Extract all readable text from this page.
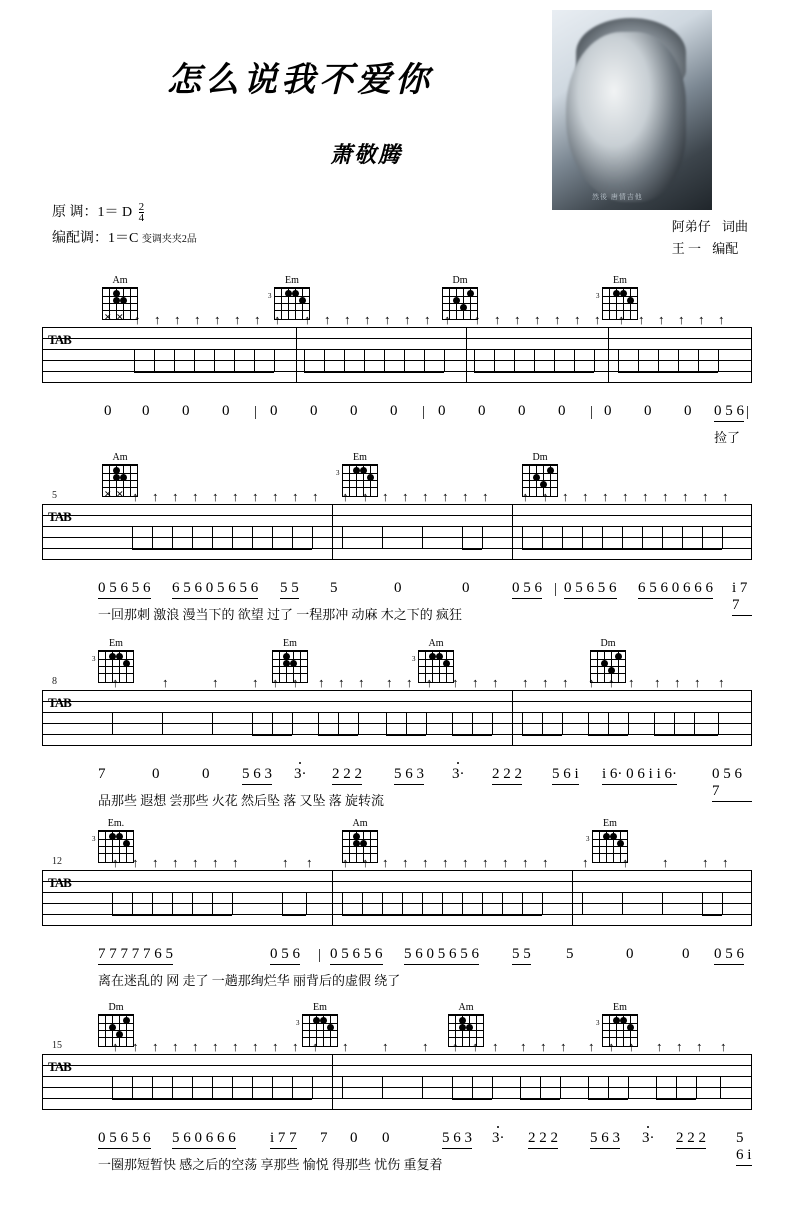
怎么说我不爱你
萧敬腾
然後 唐情吉他
原 调：1＝ D $\frac{2}{4}$
编配调：1＝C 变调夹夹2品
阿弟仔 词曲
王 一 编配
Am	Em
3
Dm	Em
3
TAB
✕ ✕ ↑ ↑ ↑ ↑ ↑ ↑ ↑ ↑ ↑ ↑ ↑ ↑ ↑ ↑ ↑ ↑ ↑ ↑ ↑ ↑ ↑ ↑ ↑ ↑ ↑ ↑ ↑ ↑ ↑
0 0 0 0 | 0 0 0 0 | 0 0 0 0 | 0 0 0 0 5 6 |
捡了
5
Am	Em
3
Dm
TAB
✕ ✕ ↑ ↑ ↑ ↑ ↑ ↑ ↑ ↑ ↑ ↑ ↑ ↑ ↑ ↑ ↑ ↑ ↑ ↑	↑ ↑ ↑ ↑ ↑ ↑ ↑ ↑ ↑ ↑ ↑
0 5 6 5 6 6 5 6 0 5 6 5 6 5 5 5	0	0	0 5 6 | 0 5 6 5 6 6 5 6 0 6 6 6 i 7 7
一回那刺 激浪 漫当下的 欲望 过了 一程那冲 动麻 木之下的 疯狂
8
Em
3
Em	Am
3
Dm
TAB
↑	↑	↑	↑ ↑ ↑ ↑ ↑ ↑ ↑ ↑ ↑ ↑ ↑ ↑ ↑ ↑ ↑ ↑ ↑ ↑ ↑ ↑ ↑ ↑
7	0	0 5 6 3 3· 2 2 2 5 6 3 3· 2 2 2 5 6 i i 6· 0 6 i i 6· 0 5 6 7
品那些 遐想 尝那些 火花 然后坠 落 又坠 落 旋转流
12
Em.
3
Am	Em
3
TAB
↑ ↑ ↑ ↑ ↑ ↑ ↑	↑ ↑ ↑ ↑ ↑ ↑ ↑ ↑ ↑ ↑ ↑ ↑ ↑	↑	↑	↑	↑ ↑
7 7 7 7 7 6 5	0 5 6 | 0 5 6 5 6 5 6 0 5 6 5 6 5 5 5	0	0 0 5 6
离在迷乱的 网 走了 一趟那绚烂华 丽背后的虚假 绕了
15
Dm	Em
3
Am	Em
3
TAB
↑ ↑ ↑ ↑ ↑ ↑ ↑ ↑ ↑ ↑ ↑ ↑	↑	↑ ↑ ↑ ↑ ↑ ↑ ↑ ↑ ↑ ↑ ↑ ↑ ↑ ↑
0 5 6 5 6 5 6 0 6 6 6 i 7 7 7 0 0	5 6 3 3· 2 2 2 5 6 3 3· 2 2 2 5 6 i
一圈那短暂快 感之后的空荡 享那些 愉悦 得那些 忧伤 重复着
